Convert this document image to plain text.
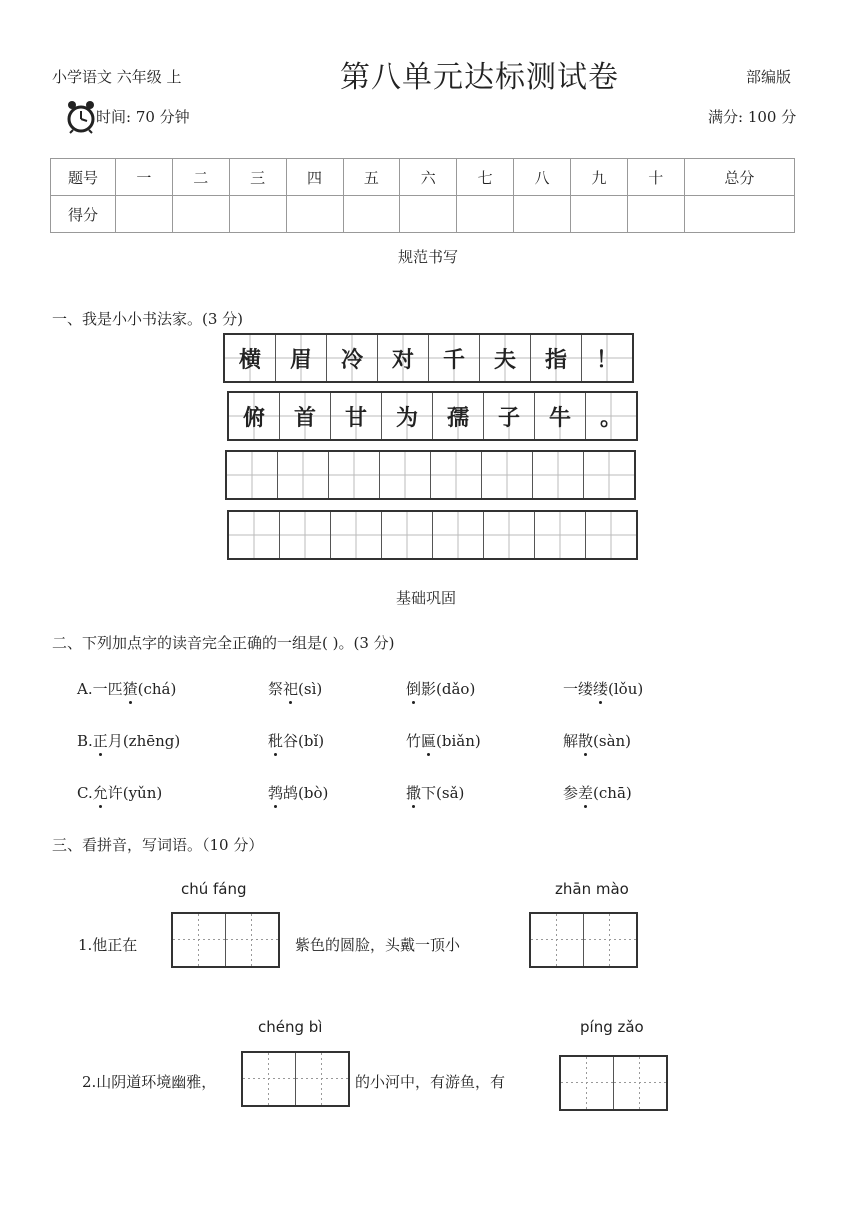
小学语文 六年级 上	第八单元达标测试卷	部编版
时间: 70 分钟	满分: 100 分
题号	一	二	三	四	五	六	七	八	九	十	总分
得分											
规范书写
一、我是小小书法家。(3 分)
横	眉	冷	对	千	夫	指	！
俯	首	甘	为	孺	子	牛	。
基础巩固
二、下列加点字的读音完全正确的一组是( )。(3 分)
A.一匹猹(chá)	祭祀(sì)	倒影(dǎo)	一缕缕(lǒu)
B.正月(zhēng)	秕谷(bǐ)	竹匾(biǎn)	解散(sàn)
C.允许(yǔn)	鹁鸪(bò)	撒下(sǎ)	参差(chā)
三、看拼音，写词语。（10 分）
chú fáng	zhān mào
1.他正在	紫色的圆脸，头戴一顶小
chéng bì	píng zǎo
2.山阴道环境幽雅，	的小河中，有游鱼，有
